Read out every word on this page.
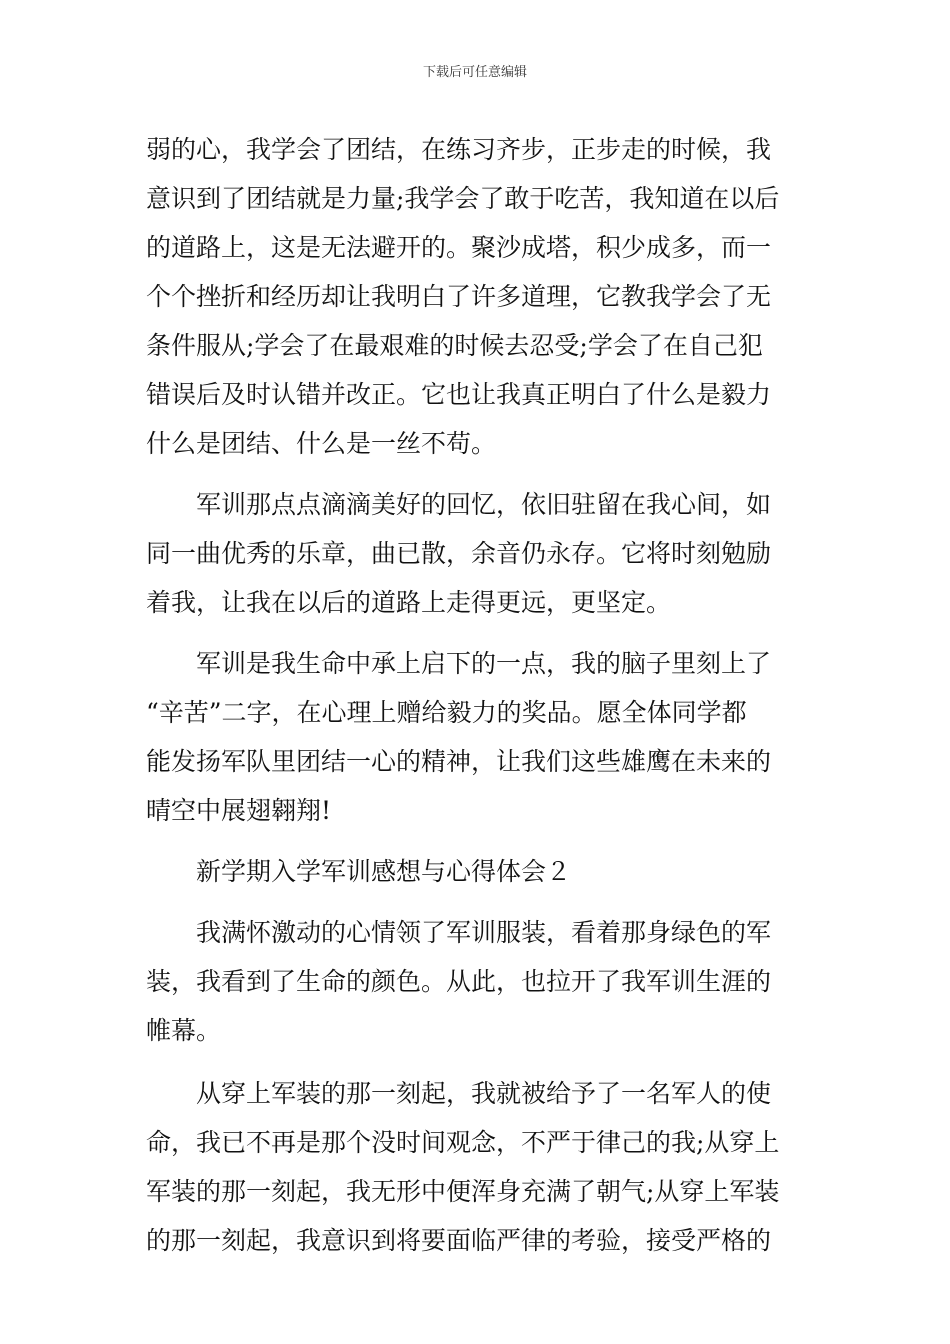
下载后可任意编辑
弱的心，我学会了团结，在练习齐步，正步走的时候，我
意识到了团结就是力量;我学会了敢于吃苦，我知道在以后
的道路上，这是无法避开的。聚沙成塔，积少成多，而一
个个挫折和经历却让我明白了许多道理，它教我学会了无
条件服从;学会了在最艰难的时候去忍受;学会了在自己犯
错误后及时认错并改正。它也让我真正明白了什么是毅力
什么是团结、什么是一丝不苟。
　　军训那点点滴滴美好的回忆，依旧驻留在我心间，如
同一曲优秀的乐章，曲已散，余音仍永存。它将时刻勉励
着我，让我在以后的道路上走得更远，更坚定。
　　军训是我生命中承上启下的一点，我的脑子里刻上了
“辛苦”二字，在心理上赠给毅力的奖品。愿全体同学都
能发扬军队里团结一心的精神，让我们这些雄鹰在未来的
晴空中展翅翱翔!
　　新学期入学军训感想与心得体会２
　　我满怀激动的心情领了军训服装，看着那身绿色的军
装，我看到了生命的颜色。从此，也拉开了我军训生涯的
帷幕。
　　从穿上军装的那一刻起，我就被给予了一名军人的使
命，我已不再是那个没时间观念，不严于律己的我;从穿上
军装的那一刻起，我无形中便浑身充满了朝气;从穿上军装
的那一刻起，我意识到将要面临严律的考验，接受严格的
